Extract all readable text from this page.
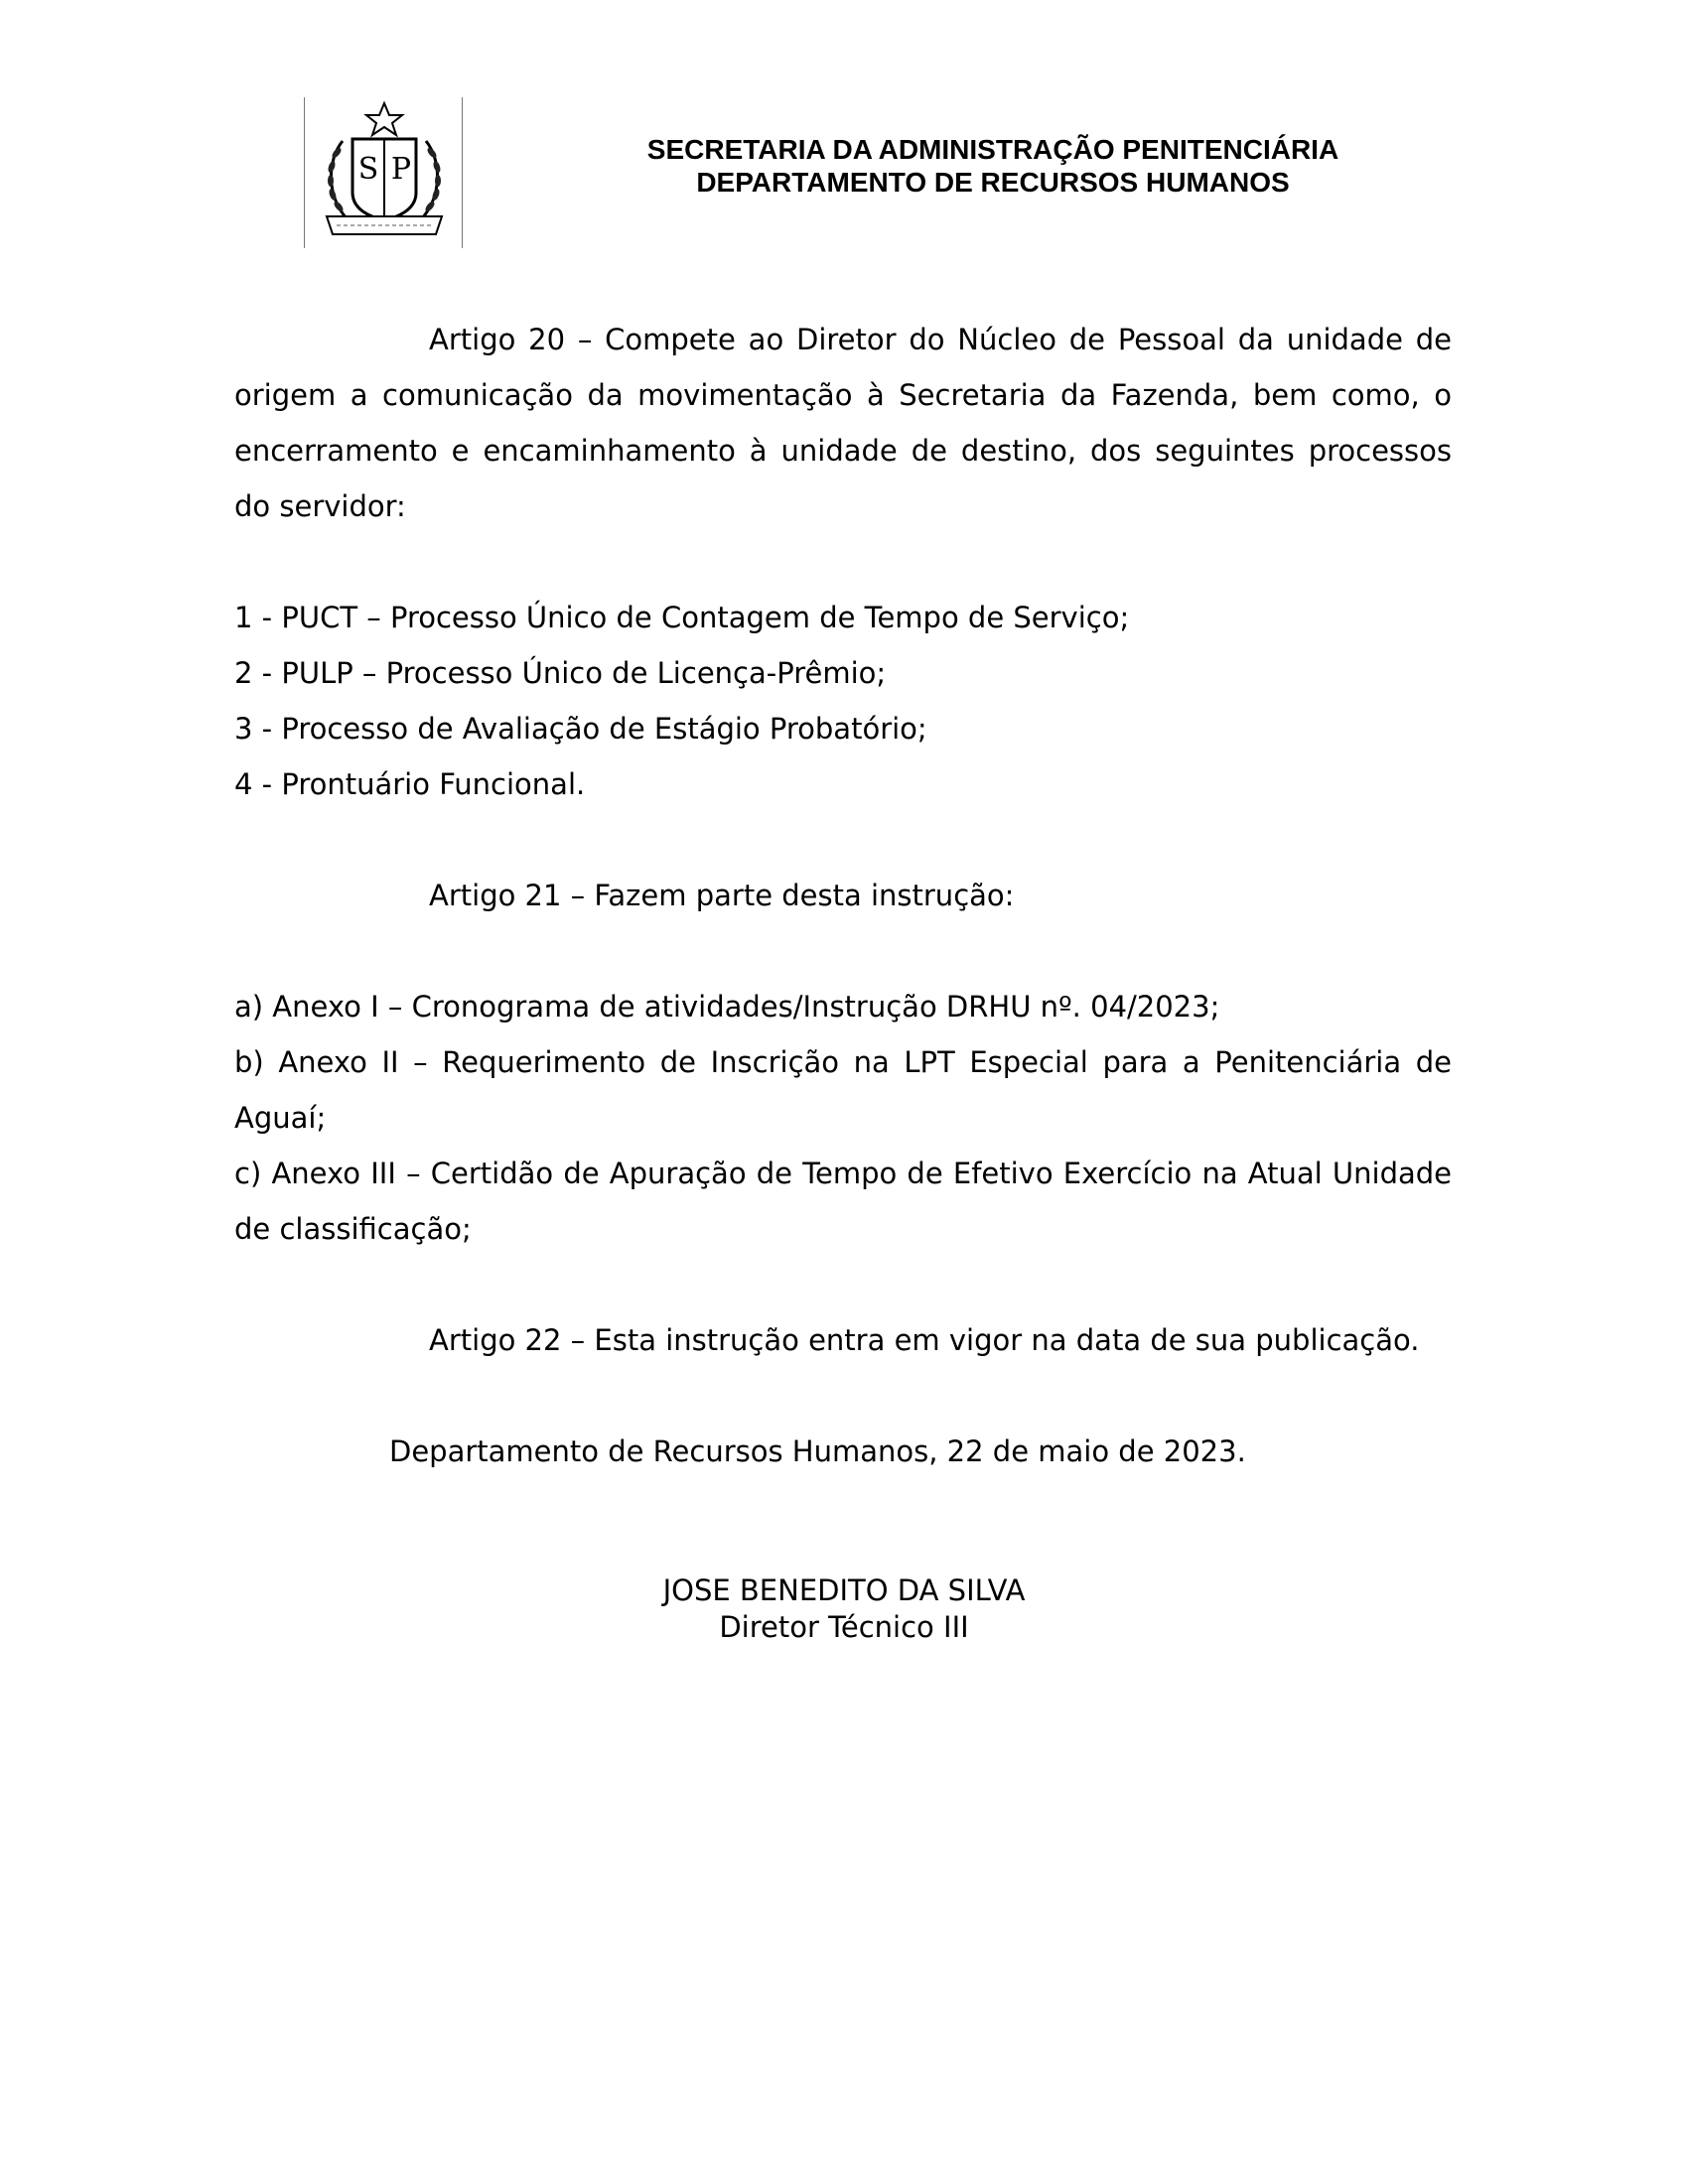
S P
SECRETARIA DA ADMINISTRAÇÃO PENITENCIÁRIA
DEPARTAMENTO DE RECURSOS HUMANOS

Artigo 20 – Compete ao Diretor do Núcleo de Pessoal da unidade de origem a comunicação da movimentação à Secretaria da Fazenda, bem como, o encerramento e encaminhamento à unidade de destino, dos seguintes processos do servidor:

1 - PUCT – Processo Único de Contagem de Tempo de Serviço;

2 - PULP – Processo Único de Licença-Prêmio;

3 - Processo de Avaliação de Estágio Probatório;

4 - Prontuário Funcional.

Artigo 21 – Fazem parte desta instrução:

a) Anexo I – Cronograma de atividades/Instrução DRHU nº. 04/2023;

b) Anexo II – Requerimento de Inscrição na LPT Especial para a Penitenciária de Aguaí;

c) Anexo III – Certidão de Apuração de Tempo de Efetivo Exercício na Atual Unidade de classificação;

Artigo 22 – Esta instrução entra em vigor na data de sua publicação.

Departamento de Recursos Humanos, 22 de maio de 2023.

JOSE BENEDITO DA SILVA
Diretor Técnico III
